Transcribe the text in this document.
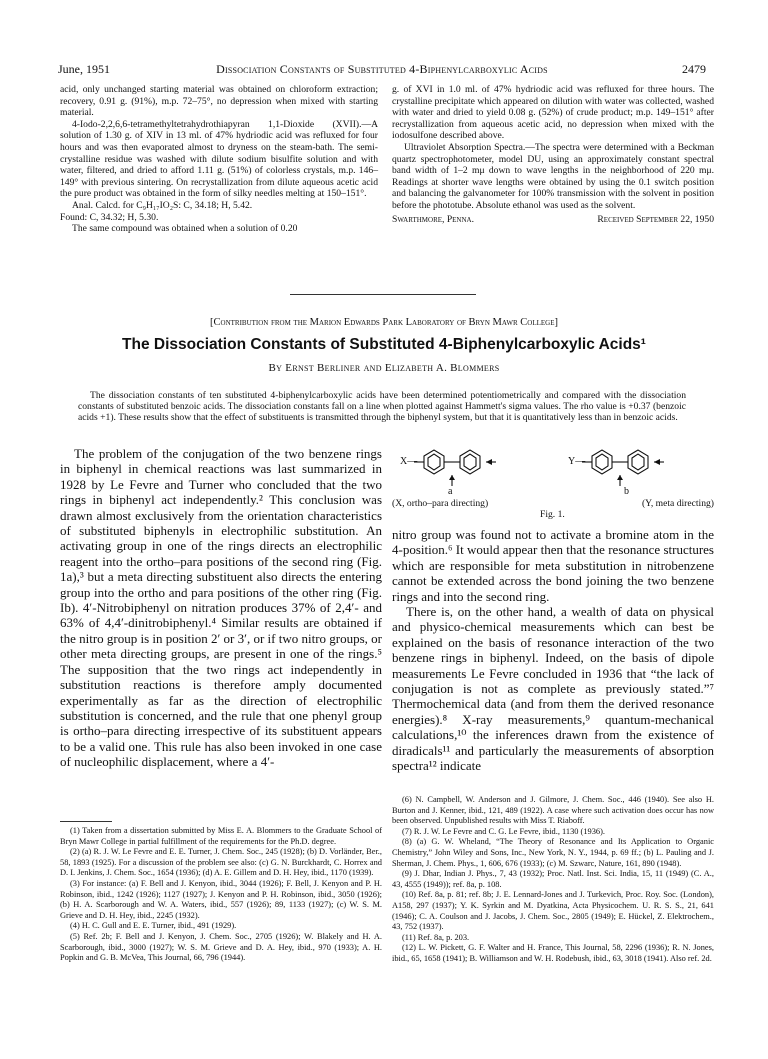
June, 1951	Dissociation Constants of Substituted 4-Biphenylcarboxylic Acids	2479

acid, only unchanged starting material was obtained on chloroform extraction; recovery, 0.91 g. (91%), m.p. 72–75°, no depression when mixed with starting material.

4-Iodo-2,2,6,6-tetramethyltetrahydrothiapyran 1,1-Dioxide (XVII).—A solution of 1.30 g. of XIV in 13 ml. of 47% hydriodic acid was refluxed for four hours and was then evaporated almost to dryness on the steam-bath. The semi-crystalline residue was washed with dilute sodium bisulfite solution and with water, filtered, and dried to afford 1.11 g. (51%) of colorless crystals, m.p. 146–149° with previous sintering. On recrystallization from dilute aqueous acetic acid the pure product was obtained in the form of silky needles melting at 150–151°.

Anal. Calcd. for C₉H₁₇IO₂S: C, 34.18; H, 5.42.

Found: C, 34.32; H, 5.30.

The same compound was obtained when a solution of 0.20

g. of XVI in 1.0 ml. of 47% hydriodic acid was refluxed for three hours. The crystalline precipitate which appeared on dilution with water was collected, washed with water and dried to yield 0.08 g. (52%) of crude product; m.p. 149–151° after recrystallization from aqueous acetic acid, no depression when mixed with the iodosulfone described above.

Ultraviolet Absorption Spectra.—The spectra were determined with a Beckman quartz spectrophotometer, model DU, using an approximately constant spectral band width of 1–2 mμ down to wave lengths in the neighborhood of 220 mμ. Readings at shorter wave lengths were obtained by using the 0.1 switch position and balancing the galvanometer for 100% transmission with the solvent in position before the phototube. Absolute ethanol was used as the solvent.

Swarthmore, Penna.	Received September 22, 1950
[Contribution from the Marion Edwards Park Laboratory of Bryn Mawr College]
The Dissociation Constants of Substituted 4-Biphenylcarboxylic Acids¹
By Ernst Berliner and Elizabeth A. Blommers
The dissociation constants of ten substituted 4-biphenylcarboxylic acids have been determined potentiometrically and compared with the dissociation constants of substituted benzoic acids. The dissociation constants fall on a line when plotted against Hammett's sigma values. The rho value is +0.37 (benzoic acids +1). These results show that the effect of substituents is transmitted through the biphenyl system, but that it is quantitatively less than in benzoic acids.

The problem of the conjugation of the two benzene rings in biphenyl in chemical reactions was last summarized in 1928 by Le Fevre and Turner who concluded that the two rings in biphenyl act independently.² This conclusion was drawn almost exclusively from the orientation characteristics of substituted biphenyls in electrophilic substitution. An activating group in one of the rings directs an electrophilic reagent into the ortho–para positions of the second ring (Fig. 1a),³ but a meta directing substituent also directs the entering group into the ortho and para positions of the other ring (Fig. Ib). 4′-Nitrobiphenyl on nitration produces 37% of 2,4′- and 63% of 4,4′-dinitrobiphenyl.⁴ Similar results are obtained if the nitro group is in position 2′ or 3′, or if two nitro groups, or other meta directing groups, are present in one of the rings.⁵ The supposition that the two rings act independently in substitution reactions is therefore amply documented experimentally as far as the direction of electrophilic substitution is concerned, and the rule that one phenyl group is ortho–para directing irrespective of its substituent appears to be a valid one. This rule has also been invoked in one case of nucleophilic displacement, where a 4′-

X—	Y—
a	b
(X, ortho–para directing)	(Y, meta directing)
Fig. 1.

nitro group was found not to activate a bromine atom in the 4-position.⁶ It would appear then that the resonance structures which are responsible for meta substitution in nitrobenzene cannot be extended across the bond joining the two benzene rings and into the second ring.

There is, on the other hand, a wealth of data on physical and physico-chemical measurements which can best be explained on the basis of resonance interaction of the two benzene rings in biphenyl. Indeed, on the basis of dipole measurements Le Fevre concluded in 1936 that “the lack of conjugation is not as complete as previously stated.”⁷ Thermochemical data (and from them the derived resonance energies).⁸ X-ray measurements,⁹ quantum-mechanical calculations,¹⁰ the inferences drawn from the existence of diradicals¹¹ and particularly the measurements of absorption spectra¹² indicate

(1) Taken from a dissertation submitted by Miss E. A. Blommers to the Graduate School of Bryn Mawr College in partial fulfillment of the requirements for the Ph.D. degree.

(2) (a) R. J. W. Le Fevre and E. E. Turner, J. Chem. Soc., 245 (1928); (b) D. Vorländer, Ber., 58, 1893 (1925). For a discussion of the problem see also: (c) G. N. Burckhardt, C. Horrex and D. I. Jenkins, J. Chem. Soc., 1654 (1936); (d) A. E. Gillem and D. H. Hey, ibid., 1170 (1939).

(3) For instance: (a) F. Bell and J. Kenyon, ibid., 3044 (1926); F. Bell, J. Kenyon and P. H. Robinson, ibid., 1242 (1926); 1127 (1927); J. Kenyon and P. H. Robinson, ibid., 3050 (1926); (b) H. A. Scarborough and W. A. Waters, ibid., 557 (1926); 89, 1133 (1927); (c) W. S. M. Grieve and D. H. Hey, ibid., 2245 (1932).

(4) H. C. Gull and E. E. Turner, ibid., 491 (1929).

(5) Ref. 2b; F. Bell and J. Kenyon, J. Chem. Soc., 2705 (1926); W. Blakely and H. A. Scarborough, ibid., 3000 (1927); W. S. M. Grieve and D. A. Hey, ibid., 970 (1933); A. H. Popkin and G. B. McVea, This Journal, 66, 796 (1944).

(6) N. Campbell, W. Anderson and J. Gilmore, J. Chem. Soc., 446 (1940). See also H. Burton and J. Kenner, ibid., 121, 489 (1922). A case where such activation does occur has now been observed. Unpublished results with Miss T. Riaboff.

(7) R. J. W. Le Fevre and C. G. Le Fevre, ibid., 1130 (1936).

(8) (a) G. W. Wheland, “The Theory of Resonance and Its Application to Organic Chemistry,” John Wiley and Sons, Inc., New York, N. Y., 1944, p. 69 ff.; (b) L. Pauling and J. Sherman, J. Chem. Phys., 1, 606, 676 (1933); (c) M. Szwarc, Nature, 161, 890 (1948).

(9) J. Dhar, Indian J. Phys., 7, 43 (1932); Proc. Natl. Inst. Sci. India, 15, 11 (1949) (C. A., 43, 4555 (1949)); ref. 8a, p. 108.

(10) Ref. 8a, p. 81; ref. 8b; J. E. Lennard-Jones and J. Turkevich, Proc. Roy. Soc. (London), A158, 297 (1937); Y. K. Syrkin and M. Dyatkina, Acta Physicochem. U. R. S. S., 21, 641 (1946); C. A. Coulson and J. Jacobs, J. Chem. Soc., 2805 (1949); E. Hückel, Z. Elektrochem., 43, 752 (1937).

(11) Ref. 8a, p. 203.

(12) L. W. Pickett, G. F. Walter and H. France, This Journal, 58, 2296 (1936); R. N. Jones, ibid., 65, 1658 (1941); B. Williamson and W. H. Rodebush, ibid., 63, 3018 (1941). Also ref. 2d.
